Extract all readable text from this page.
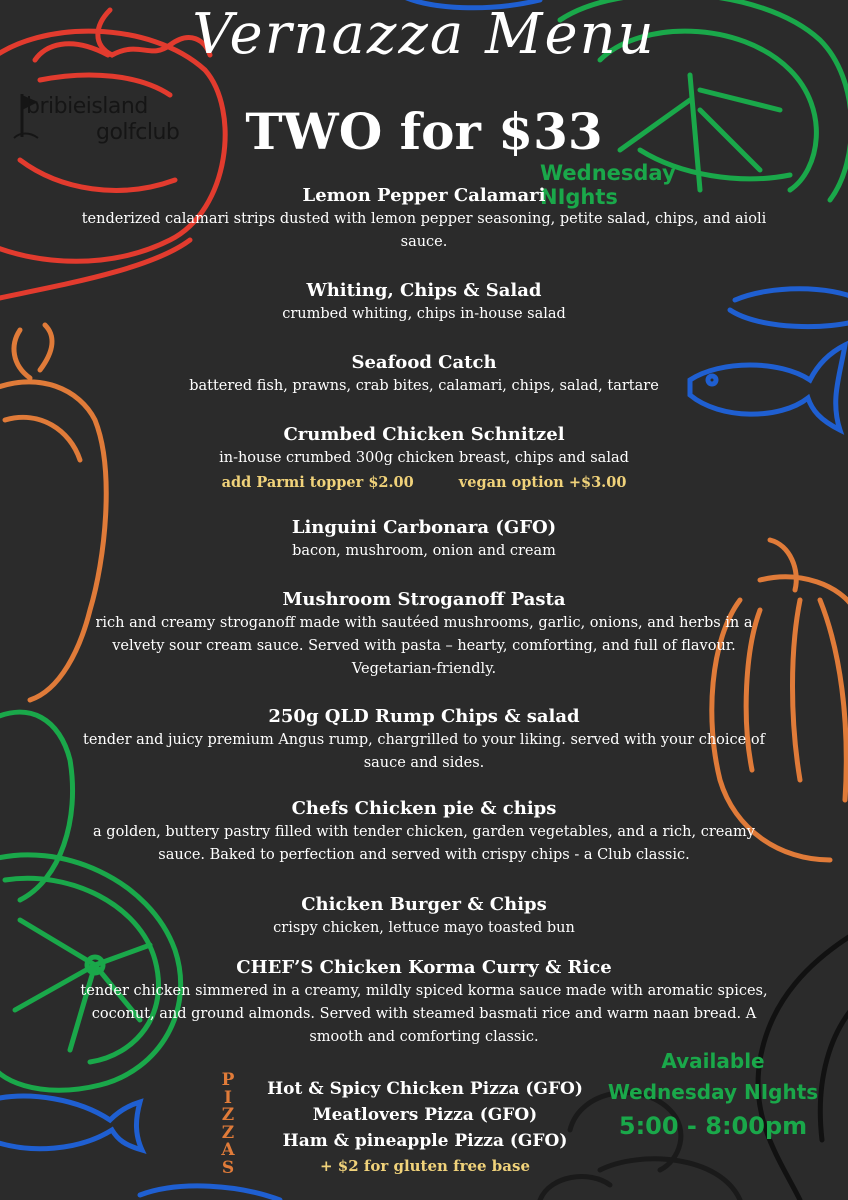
Vernazza Menu
bribieisland
golfclub	TWO for $33
Wednesday NIghts
Lemon Pepper Calamari
tenderized calamari strips dusted with lemon pepper seasoning, petite salad, chips, and aioli
sauce.
Whiting, Chips & Salad
crumbed whiting, chips in-house salad
Seafood Catch
battered fish, prawns, crab bites, calamari, chips, salad, tartare
Crumbed Chicken Schnitzel
in-house crumbed 300g chicken breast, chips and salad
add Parmi topper $2.00	vegan option +$3.00
Linguini Carbonara (GFO)
bacon, mushroom, onion and cream
Mushroom Stroganoff Pasta
rich and creamy stroganoff made with sautéed mushrooms, garlic, onions, and herbs in a
velvety sour cream sauce. Served with pasta – hearty, comforting, and full of flavour.
Vegetarian-friendly.
250g QLD Rump Chips & salad
tender and juicy premium Angus rump, chargrilled to your liking. served with your choice of
sauce and sides.
Chefs Chicken pie & chips
a golden, buttery pastry filled with tender chicken, garden vegetables, and a rich, creamy
sauce. Baked to perfection and served with crispy chips - a Club classic.
Chicken Burger & Chips
crispy chicken, lettuce mayo toasted bun
CHEF’S Chicken Korma Curry & Rice
tender chicken simmered in a creamy, mildly spiced korma sauce made with aromatic spices,
coconut, and ground almonds. Served with steamed basmati rice and warm naan bread. A
smooth and comforting classic.
P
I
Z
Z
A
S
Hot & Spicy Chicken Pizza (GFO)
Meatlovers Pizza (GFO)
Ham & pineapple Pizza (GFO)
+ $2 for gluten free base
Available
Wednesday NIghts
5:00 - 8:00pm
